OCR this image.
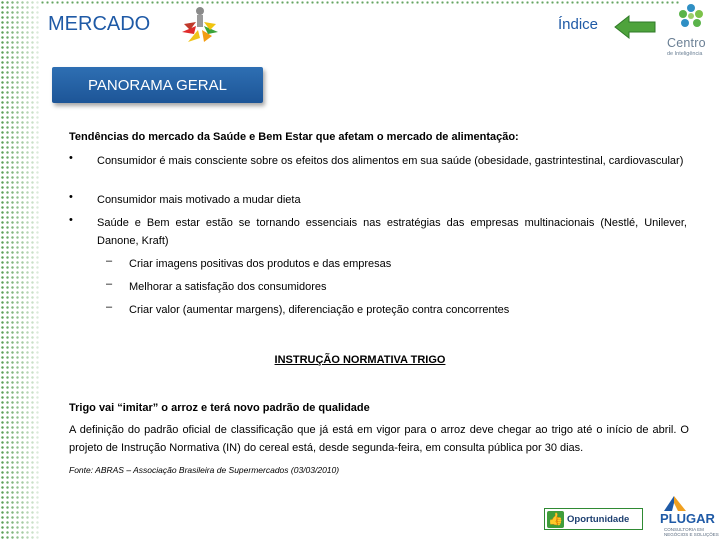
MERCADO	Índice
Centro
de Inteligência
PANORAMA GERAL
Tendências do mercado da Saúde e Bem Estar que afetam o mercado de alimentação:
• Consumidor é mais consciente sobre os efeitos dos alimentos em sua saúde (obesidade, gastrintestinal, cardiovascular)
• Consumidor mais motivado a mudar dieta
• Saúde e Bem estar estão se tornando essenciais nas estratégias das empresas multinacionais (Nestlé, Unilever, Danone, Kraft)
– Criar imagens positivas dos produtos e das empresas
– Melhorar a satisfação dos consumidores
– Criar valor (aumentar margens), diferenciação e proteção contra concorrentes
INSTRUÇÃO NORMATIVA TRIGO
Trigo vai “imitar” o arroz e terá novo padrão de qualidade
A definição do padrão oficial de classificação que já está em vigor para o arroz deve chegar ao trigo até o início de abril. O projeto de Instrução Normativa (IN) do cereal está, desde segunda-feira, em consulta pública por 30 dias.
Fonte: ABRAS – Associação Brasileira de Supermercados (03/03/2010)
👍 Oportunidade PLUGAR
CONSULTORIA EM NEGÓCIOS E SOLUÇÕES
